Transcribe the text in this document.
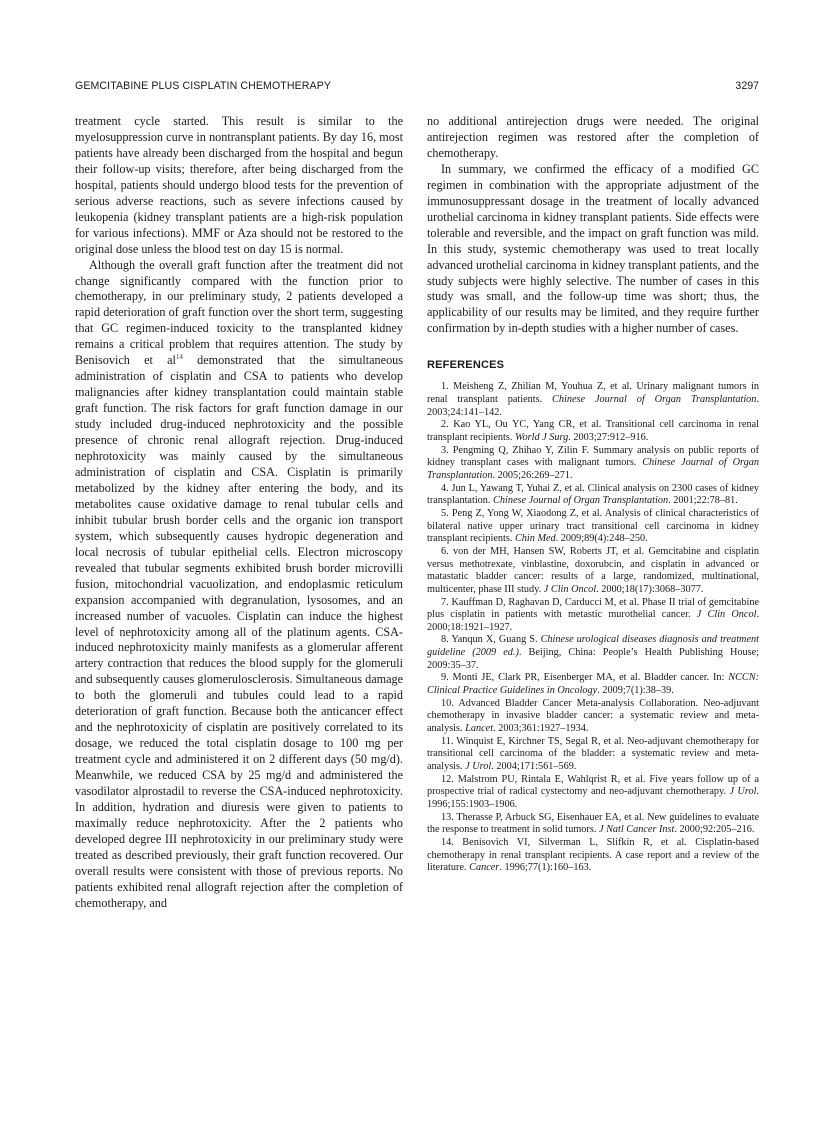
GEMCITABINE PLUS CISPLATIN CHEMOTHERAPY	3297

treatment cycle started. This result is similar to the myelosuppression curve in nontransplant patients. By day 16, most patients have already been discharged from the hospital and begun their follow-up visits; therefore, after being discharged from the hospital, patients should undergo blood tests for the prevention of serious adverse reactions, such as severe infections caused by leukopenia (kidney transplant patients are a high-risk population for various infections). MMF or Aza should not be restored to the original dose unless the blood test on day 15 is normal.

Although the overall graft function after the treatment did not change significantly compared with the function prior to chemotherapy, in our preliminary study, 2 patients developed a rapid deterioration of graft function over the short term, suggesting that GC regimen-induced toxicity to the transplanted kidney remains a critical problem that requires attention. The study by Benisovich et $al^{14}$ demonstrated that the simultaneous administration of cisplatin and CSA to patients who develop malignancies after kidney transplantation could maintain stable graft function. The risk factors for graft function damage in our study included drug-induced nephrotoxicity and the possible presence of chronic renal allograft rejection. Drug-induced nephrotoxicity was mainly caused by the simultaneous administration of cisplatin and CSA. Cisplatin is primarily metabolized by the kidney after entering the body, and its metabolites cause oxidative damage to renal tubular cells and inhibit tubular brush border cells and the organic ion transport system, which subsequently causes hydropic degeneration and local necrosis of tubular epithelial cells. Electron microscopy revealed that tubular segments exhibited brush border microvilli fusion, mitochondrial vacuolization, and endoplasmic reticulum expansion accompanied with degranulation, lysosomes, and an increased number of vacuoles. Cisplatin can induce the highest level of nephrotoxicity among all of the platinum agents. CSA-induced nephrotoxicity mainly manifests as a glomerular afferent artery contraction that reduces the blood supply for the glomeruli and subsequently causes glomerulosclerosis. Simultaneous damage to both the glomeruli and tubules could lead to a rapid deterioration of graft function. Because both the anticancer effect and the nephrotoxicity of cisplatin are positively correlated to its dosage, we reduced the total cisplatin dosage to 100 mg per treatment cycle and administered it on 2 different days (50 mg/d). Meanwhile, we reduced CSA by 25 mg/d and administered the vasodilator alprostadil to reverse the CSA-induced nephrotoxicity. In addition, hydration and diuresis were given to patients to maximally reduce nephrotoxicity. After the 2 patients who developed degree III nephrotoxicity in our preliminary study were treated as described previously, their graft function recovered. Our overall results were consistent with those of previous reports. No patients exhibited renal allograft rejection after the completion of chemotherapy, and

no additional antirejection drugs were needed. The original antirejection regimen was restored after the completion of chemotherapy.

In summary, we confirmed the efficacy of a modified GC regimen in combination with the appropriate adjustment of the immunosuppressant dosage in the treatment of locally advanced urothelial carcinoma in kidney transplant patients. Side effects were tolerable and reversible, and the impact on graft function was mild. In this study, systemic chemotherapy was used to treat locally advanced urothelial carcinoma in kidney transplant patients, and the study subjects were highly selective. The number of cases in this study was small, and the follow-up time was short; thus, the applicability of our results may be limited, and they require further confirmation by in-depth studies with a higher number of cases.

REFERENCES

1. Meisheng Z, Zhilian M, Youhua Z, et al. Urinary malignant tumors in renal transplant patients. Chinese Journal of Organ Transplantation. 2003;24:141–142.

2. Kao YL, Ou YC, Yang CR, et al. Transitional cell carcinoma in renal transplant recipients. World J Surg. 2003;27:912–916.

3. Pengming Q, Zhihao Y, Zilin F. Summary analysis on public reports of kidney transplant cases with malignant tumors. Chinese Journal of Organ Transplantation. 2005;26:269–271.

4. Jun L, Yawang T, Yuhai Z, et al. Clinical analysis on 2300 cases of kidney transplantation. Chinese Journal of Organ Transplantation. 2001;22:78–81.

5. Peng Z, Yong W, Xiaodong Z, et al. Analysis of clinical characteristics of bilateral native upper urinary tract transitional cell carcinoma in kidney transplant recipients. Chin Med. 2009;89(4):248–250.

6. von der MH, Hansen SW, Roberts JT, et al. Gemcitabine and cisplatin versus methotrexate, vinblastine, doxorubcin, and cisplatin in advanced or matastatic bladder cancer: results of a large, randomized, multinational, multicenter, phase III study. J Clin Oncol. 2000;18(17):3068–3077.

7. Kauffman D, Raghavan D, Carducci M, et al. Phase II trial of gemcitabine plus cisplatin in patients with metastic murothelial cancer. J Clin Oncol. 2000;18:1921–1927.

8. Yanqun X, Guang S. Chinese urological diseases diagnosis and treatment guideline (2009 ed.). Beijing, China: People’s Health Publishing House; 2009:35–37.

9. Monti JE, Clark PR, Eisenberger MA, et al. Bladder cancer. In: NCCN: Clinical Practice Guidelines in Oncology. 2009;7(1):38–39.

10. Advanced Bladder Cancer Meta-analysis Collaboration. Neo-adjuvant chemotherapy in invasive bladder cancer: a systematic review and meta-analysis. Lancet. 2003;361:1927–1934.

11. Winquist E, Kirchner TS, Segal R, et al. Neo-adjuvant chemotherapy for transitional cell carcinoma of the bladder: a systematic review and meta-analysis. J Urol. 2004;171:561–569.

12. Malstrom PU, Rintala E, Wahlqrist R, et al. Five years follow up of a prospective trial of radical cystectomy and neo-adjuvant chemotherapy. J Urol. 1996;155:1903–1906.

13. Therasse P, Arbuck SG, Eisenhauer EA, et al. New guidelines to evaluate the response to treatment in solid tumors. J Natl Cancer Inst. 2000;92:205–216.

14. Benisovich VI, Silverman L, Slifkin R, et al. Cisplatin-based chemotherapy in renal transplant recipients. A case report and a review of the literature. Cancer. 1996;77(1):160–163.
